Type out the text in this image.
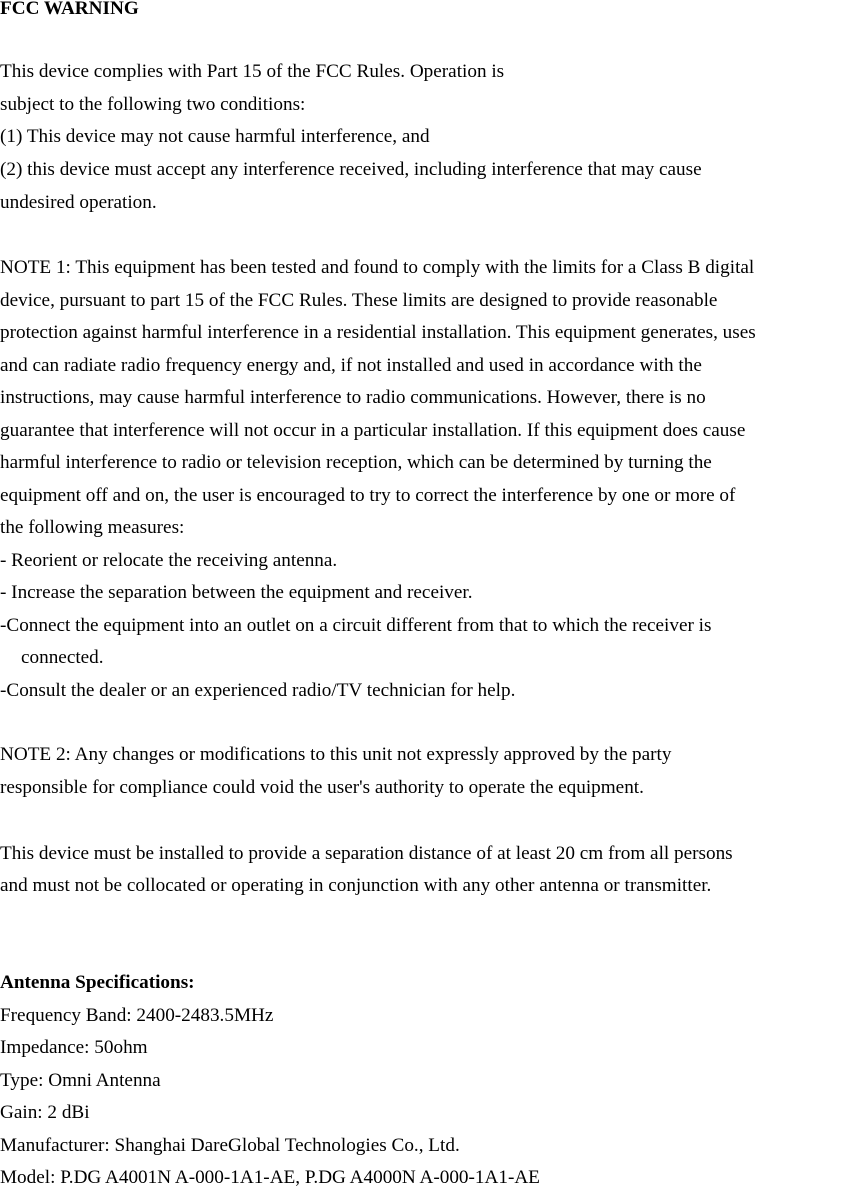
FCC WARNING
This device complies with Part 15 of the FCC Rules. Operation is
subject to the following two conditions:
(1) This device may not cause harmful interference, and
(2) this device must accept any interference received, including interference that may cause
undesired operation.
NOTE 1: This equipment has been tested and found to comply with the limits for a Class B digital
device, pursuant to part 15 of the FCC Rules. These limits are designed to provide reasonable
protection against harmful interference in a residential installation. This equipment generates, uses
and can radiate radio frequency energy and, if not installed and used in accordance with the
instructions, may cause harmful interference to radio communications. However, there is no
guarantee that interference will not occur in a particular installation. If this equipment does cause
harmful interference to radio or television reception, which can be determined by turning the
equipment off and on, the user is encouraged to try to correct the interference by one or more of
the following measures:
- Reorient or relocate the receiving antenna.
- Increase the separation between the equipment and receiver.
-Connect the equipment into an outlet on a circuit different from that to which the receiver is
connected.
-Consult the dealer or an experienced radio/TV technician for help.
NOTE 2: Any changes or modifications to this unit not expressly approved by the party
responsible for compliance could void the user's authority to operate the equipment.
This device must be installed to provide a separation distance of at least 20 cm from all persons
and must not be collocated or operating in conjunction with any other antenna or transmitter.
Antenna Specifications:
Frequency Band: 2400-2483.5MHz
Impedance: 50ohm
Type: Omni Antenna
Gain: 2 dBi
Manufacturer: Shanghai DareGlobal Technologies Co., Ltd.
Model: P.DG A4001N A-000-1A1-AE, P.DG A4000N A-000-1A1-AE
